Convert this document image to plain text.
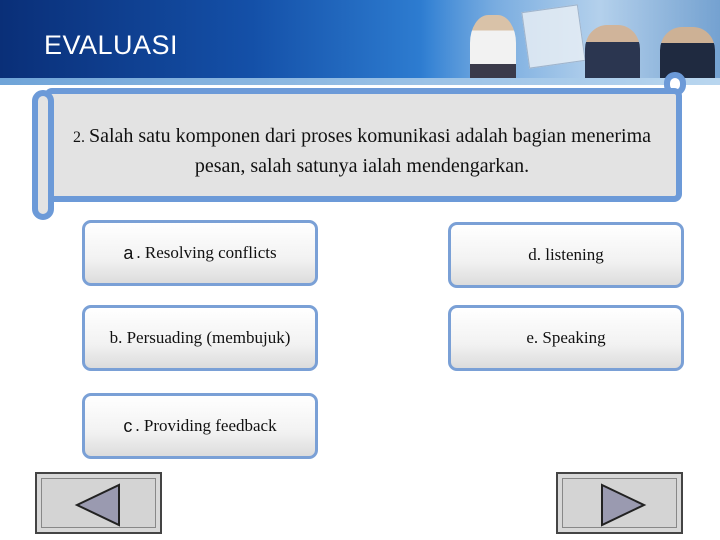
EVALUASI
2. Salah satu komponen dari proses komunikasi adalah bagian menerima pesan, salah satunya ialah mendengarkan.
a . Resolving conflicts
b . Persuading (membujuk)
c . Providing feedback
d . listening
e . Speaking
